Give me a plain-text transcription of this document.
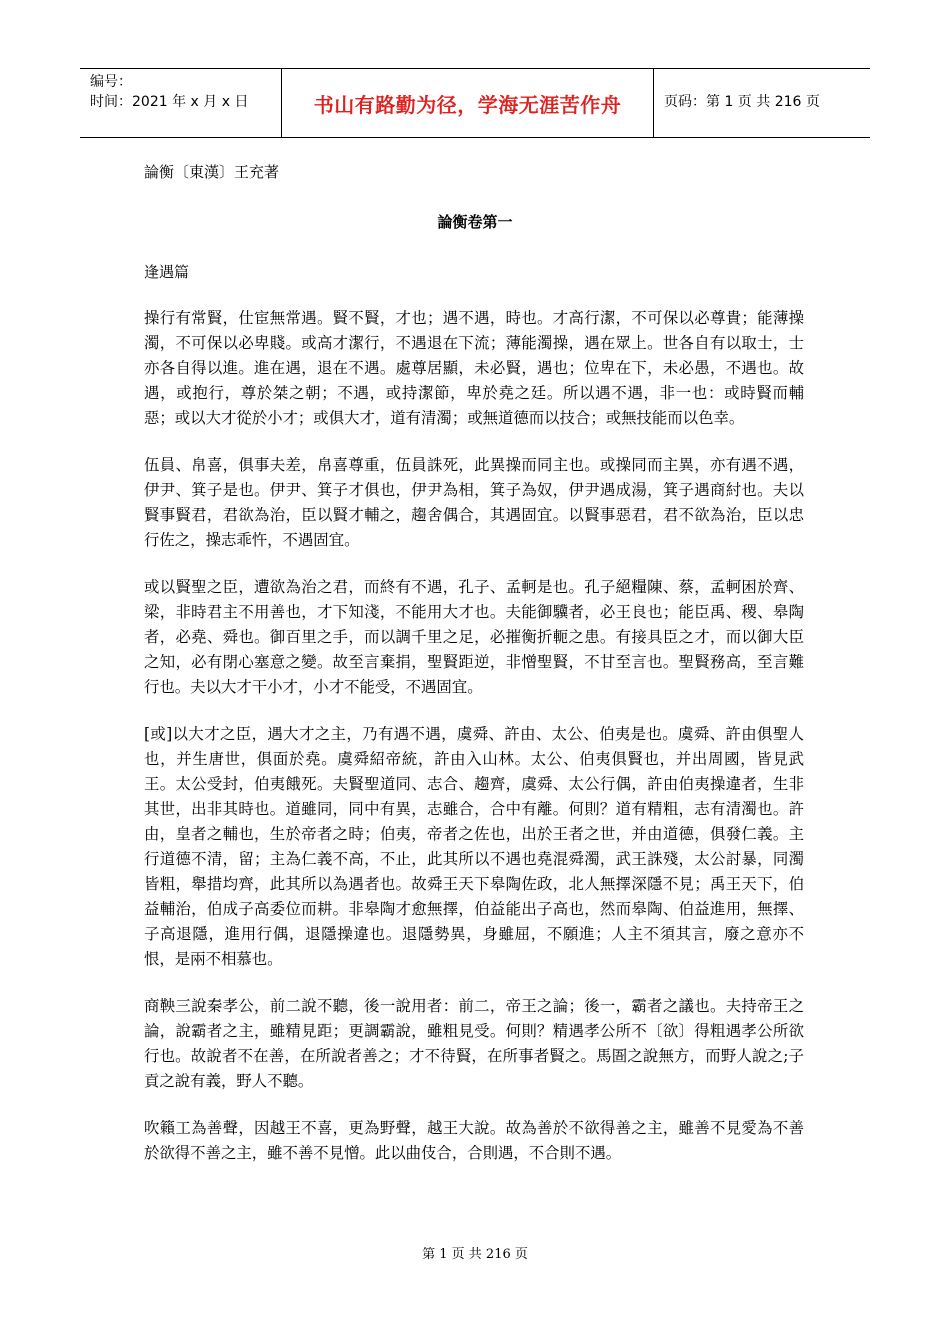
编号：
时间：2021 年 x 月 x 日	书山有路勤为径，学海无涯苦作舟	页码：第 1 页 共 216 页
論衡〔東漢〕王充著
論衡卷第一
逢遇篇

操行有常賢，仕宦無常遇。賢不賢，才也；遇不遇，時也。才高行潔，不可保以必尊貴；能薄操濁，不可保以必卑賤。或高才潔行，不遇退在下流；薄能濁操，遇在眾上。世各自有以取士，士亦各自得以進。進在遇，退在不遇。處尊居顯，未必賢，遇也；位卑在下，未必愚，不遇也。故遇，或抱行，尊於桀之朝；不遇，或持潔節，卑於堯之廷。所以遇不遇，非一也：或時賢而輔惡；或以大才從於小才；或俱大才，道有清濁；或無道德而以技合；或無技能而以色幸。

伍員、帛喜，俱事夫差，帛喜尊重，伍員誅死，此異操而同主也。或操同而主異，亦有遇不遇，伊尹、箕子是也。伊尹、箕子才俱也，伊尹為相，箕子為奴，伊尹遇成湯，箕子遇商紂也。夫以賢事賢君，君欲為治，臣以賢才輔之，趨舍偶合，其遇固宜。以賢事惡君，君不欲為治，臣以忠行佐之，操志乖忤，不遇固宜。

或以賢聖之臣，遭欲為治之君，而終有不遇，孔子、孟軻是也。孔子絕糧陳、蔡，孟軻困於齊、梁，非時君主不用善也，才下知淺，不能用大才也。夫能御驥者，必王良也；能臣禹、稷、皋陶者，必堯、舜也。御百里之手，而以調千里之足，必摧衡折軛之患。有接具臣之才，而以御大臣之知，必有閉心塞意之變。故至言棄捐，聖賢距逆，非憎聖賢，不甘至言也。聖賢務高，至言難行也。夫以大才干小才，小才不能受，不遇固宜。

[或]以大才之臣，遇大才之主，乃有遇不遇，虞舜、許由、太公、伯夷是也。虞舜、許由俱聖人也，并生唐世，俱面於堯。虞舜紹帝統，許由入山林。太公、伯夷俱賢也，并出周國，皆見武王。太公受封，伯夷餓死。夫賢聖道同、志合、趨齊，虞舜、太公行偶，許由伯夷操違者，生非其世，出非其時也。道雖同，同中有異，志雖合，合中有離。何則？道有精粗，志有清濁也。許由，皇者之輔也，生於帝者之時；伯夷，帝者之佐也，出於王者之世，并由道德，俱發仁義。主行道德不清，留；主為仁義不高，不止，此其所以不遇也堯混舜濁，武王誅殘，太公討暴，同濁皆粗，舉措均齊，此其所以為遇者也。故舜王天下皋陶佐政，北人無擇深隱不見；禹王天下，伯益輔治，伯成子高委位而耕。非皋陶才愈無擇，伯益能出子高也，然而皋陶、伯益進用，無擇、子高退隱，進用行偶，退隱操違也。退隱勢異，身雖屈，不願進；人主不須其言，廢之意亦不恨，是兩不相慕也。

商鞅三說秦孝公，前二說不聽，後一說用者：前二，帝王之論；後一，霸者之議也。夫持帝王之論，說霸者之主，雖精見距；更調霸說，雖粗見受。何則？精遇孝公所不〔欲〕得粗遇孝公所欲行也。故說者不在善，在所說者善之；才不待賢，在所事者賢之。馬圄之說無方，而野人說之;子貢之說有義，野人不聽。

吹籟工為善聲，因越王不喜，更為野聲，越王大說。故為善於不欲得善之主，雖善不見愛為不善於欲得不善之主，雖不善不見憎。此以曲伎合，合則遇，不合則不遇。

第 1 页 共 216 页
